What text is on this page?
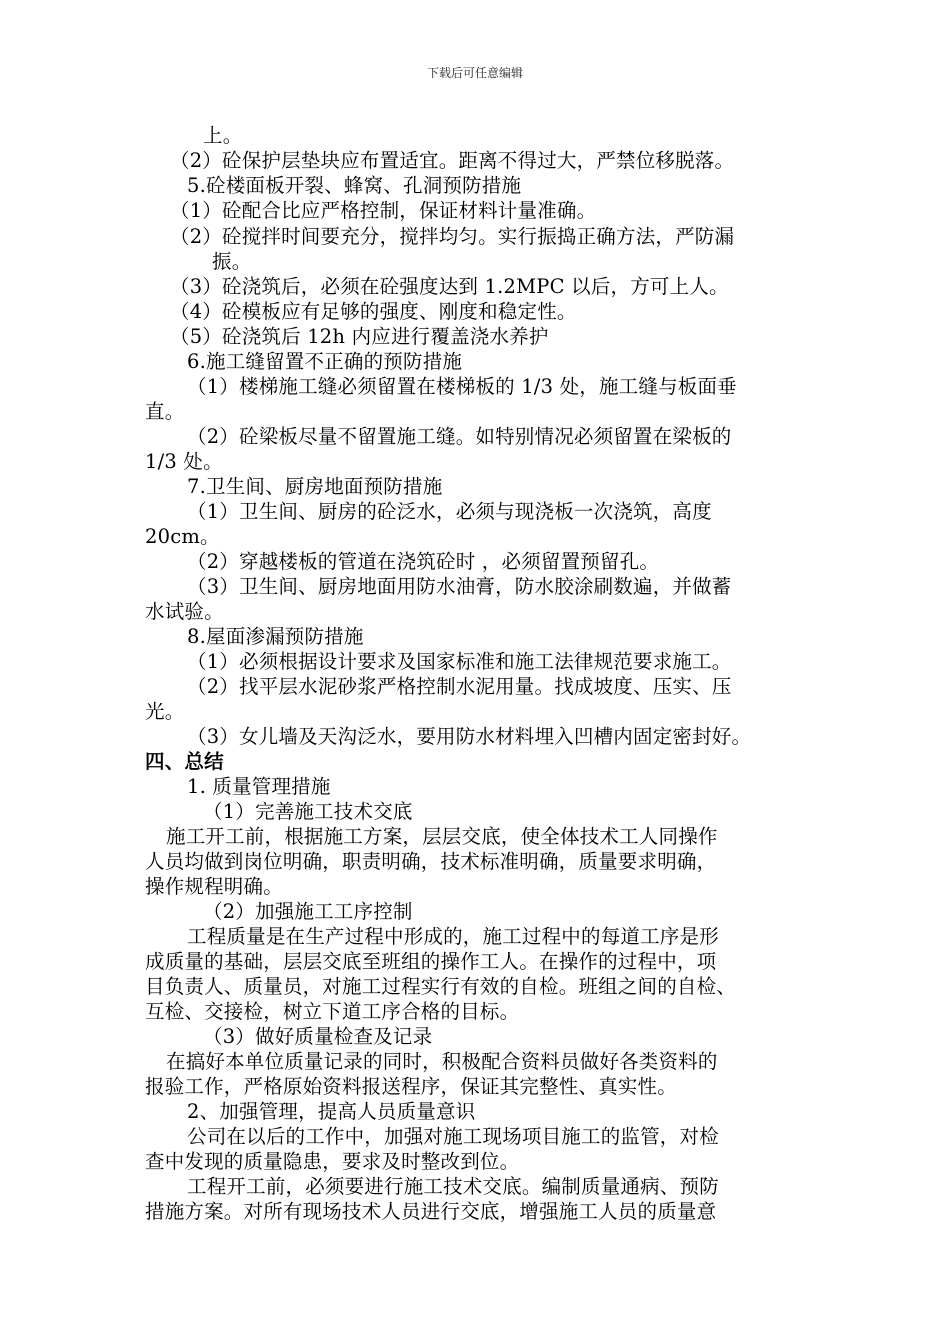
下载后可任意编辑
上。
（2）砼保护层垫块应布置适宜。距离不得过大，严禁位移脱落。
5.砼楼面板开裂、蜂窝、孔洞预防措施
（1）砼配合比应严格控制，保证材料计量准确。
（2）砼搅拌时间要充分，搅拌均匀。实行振捣正确方法，严防漏
振。
（3）砼浇筑后，必须在砼强度达到 1.2MPC 以后，方可上人。
（4）砼模板应有足够的强度、刚度和稳定性。
（5）砼浇筑后 12h 内应进行覆盖浇水养护
6.施工缝留置不正确的预防措施
（1）楼梯施工缝必须留置在楼梯板的 1/3 处，施工缝与板面垂
直。
（2）砼梁板尽量不留置施工缝。如特别情况必须留置在梁板的
1/3 处。
7.卫生间、厨房地面预防措施
（1）卫生间、厨房的砼泛水，必须与现浇板一次浇筑，高度
20cm。
（2）穿越楼板的管道在浇筑砼时 ，必须留置预留孔。
（3）卫生间、厨房地面用防水油膏，防水胶涂刷数遍，并做蓄
水试验。
8.屋面渗漏预防措施
（1）必须根据设计要求及国家标准和施工法律规范要求施工。
（2）找平层水泥砂浆严格控制水泥用量。找成坡度、压实、压
光。
（3）女儿墙及天沟泛水，要用防水材料埋入凹槽内固定密封好。
四、总结
1. 质量管理措施
（1）完善施工技术交底
施工开工前，根据施工方案，层层交底，使全体技术工人同操作
人员均做到岗位明确，职责明确，技术标准明确，质量要求明确，
操作规程明确。
（2）加强施工工序控制
工程质量是在生产过程中形成的，施工过程中的每道工序是形
成质量的基础，层层交底至班组的操作工人。在操作的过程中，项
目负责人、质量员，对施工过程实行有效的自检。班组之间的自检、
互检、交接检，树立下道工序合格的目标。
（3）做好质量检查及记录
在搞好本单位质量记录的同时，积极配合资料员做好各类资料的
报验工作，严格原始资料报送程序，保证其完整性、真实性。
2、加强管理，提高人员质量意识
公司在以后的工作中，加强对施工现场项目施工的监管，对检
查中发现的质量隐患，要求及时整改到位。
工程开工前，必须要进行施工技术交底。编制质量通病、预防
措施方案。对所有现场技术人员进行交底，增强施工人员的质量意
